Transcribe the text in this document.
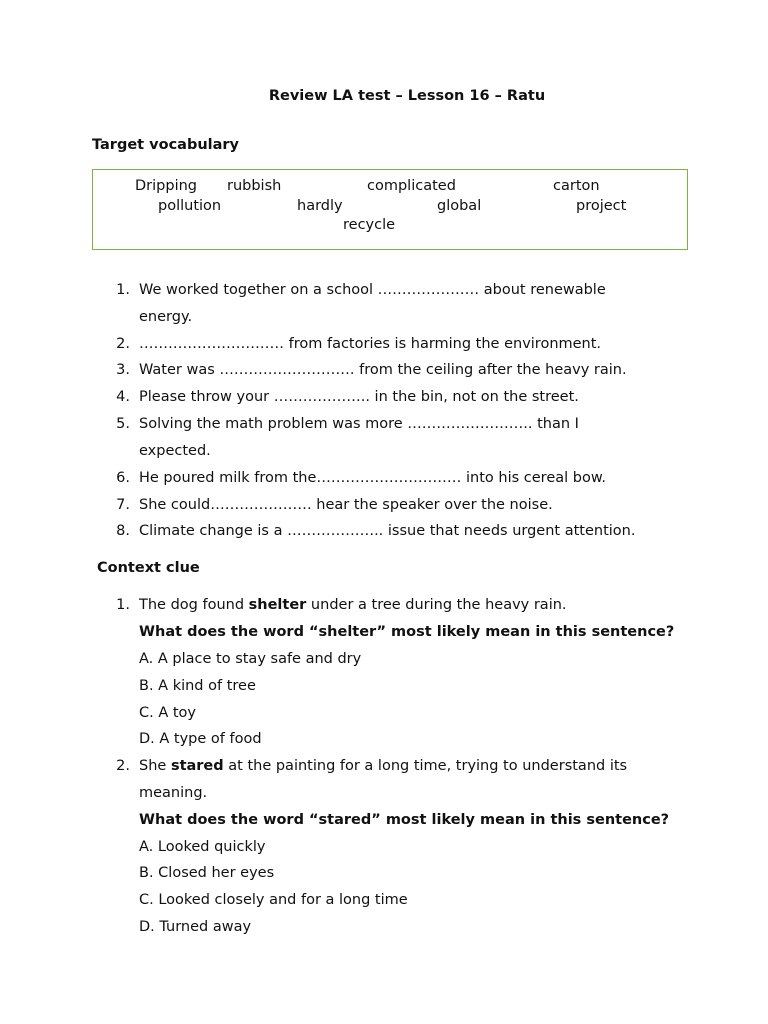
Review LA test – Lesson 16 – Ratu
Target vocabulary
Dripping rubbish	complicated	carton
pollution	hardly	global	project
recycle
1. We worked together on a school ………………… about renewable
energy.
2. ………………………… from factories is harming the environment.
3. Water was ………………………. from the ceiling after the heavy rain.
4. Please throw your ……………….. in the bin, not on the street.
5. Solving the math problem was more …………………….. than I
expected.
6. He poured milk from the………………………… into his cereal bow.
7. She could………………… hear the speaker over the noise.
8. Climate change is a ……………….. issue that needs urgent attention.
Context clue
1. The dog found shelter under a tree during the heavy rain.
What does the word “shelter” most likely mean in this sentence?
A. A place to stay safe and dry
B. A kind of tree
C. A toy
D. A type of food
2. She stared at the painting for a long time, trying to understand its
meaning.
What does the word “stared” most likely mean in this sentence?
A. Looked quickly
B. Closed her eyes
C. Looked closely and for a long time
D. Turned away
